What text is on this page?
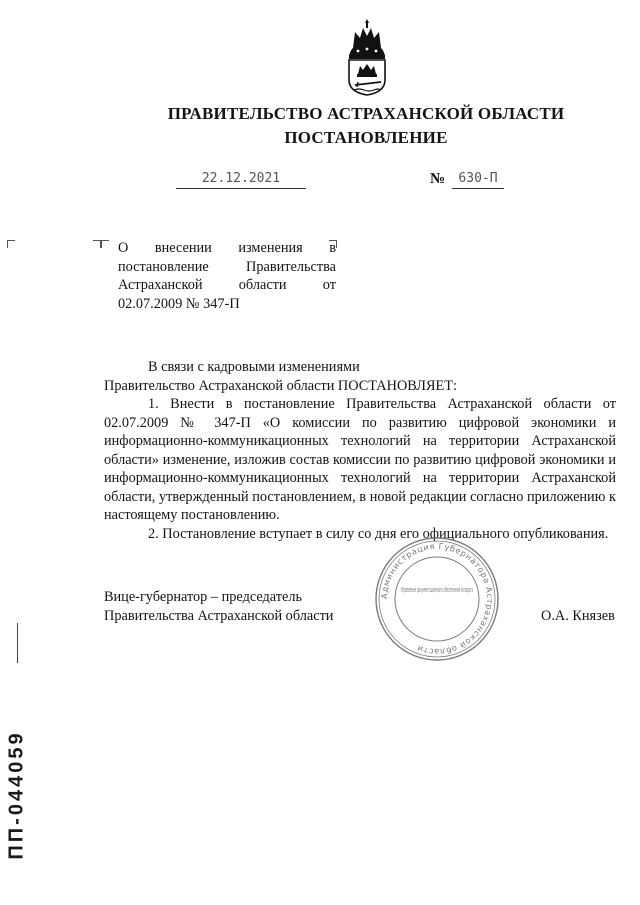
ПРАВИТЕЛЬСТВО АСТРАХАНСКОЙ ОБЛАСТИ
ПОСТАНОВЛЕНИЕ
22.12.2021	№	630-П
О внесении изменения в постановление Правительства Астраханской области от 02.07.2009 № 347-П

В связи с кадровыми изменениями

Правительство Астраханской области ПОСТАНОВЛЯЕТ:

1. Внести в постановление Правительства Астраханской области от 02.07.2009 № 347-П «О комиссии по развитию цифровой экономики и информационно-коммуникационных технологий на территории Астраханской области» изменение, изложив состав комиссии по развитию цифровой экономики и информационно-коммуникационных технологий на территории Астраханской области, утвержденный постановлением, в новой редакции согласно приложению к настоящему постановлению.

2. Постановление вступает в силу со дня его официального опубликования.

Администрация Губернатора Астраханской области
Управление документационного обеспечения Аппарата
Вице-губернатор – председатель
Правительства Астраханской области	О.А. Князев
ПП-044059
